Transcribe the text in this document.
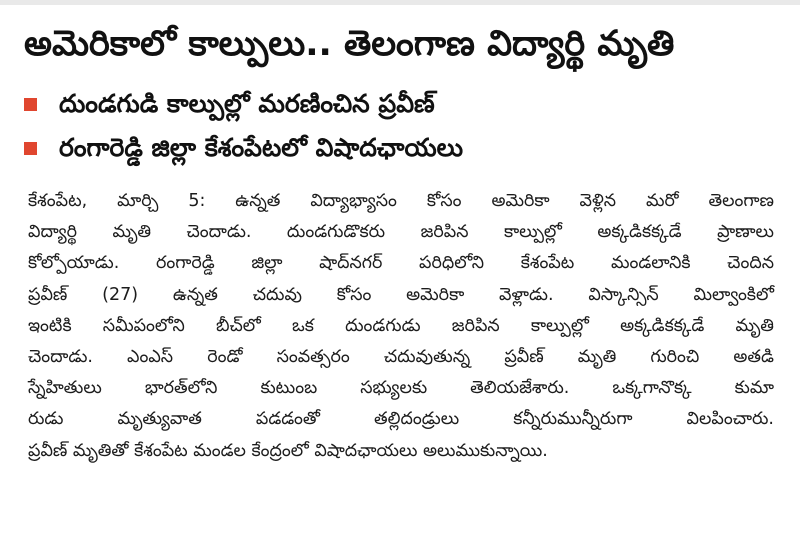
అమెరికాలో కాల్పులు.. తెలంగాణ విద్యార్థి మృతి
దుండగుడి కాల్పుల్లో మరణించిన ప్రవీణ్
రంగారెడ్డి జిల్లా కేశంపేటలో విషాదఛాయలు
కేశంపేట, మార్చి 5: ఉన్నత విద్యాభ్యాసం కోసం అమెరికా వెళ్లిన మరో తెలంగాణ
విద్యార్థి మృతి చెందాడు. దుండగుడొకరు జరిపిన కాల్పుల్లో అక్కడికక్కడే ప్రాణాలు
కోల్పోయాడు. రంగారెడ్డి జిల్లా షాద్‌నగర్ పరిధిలోని కేశంపేట మండలానికి చెందిన
ప్రవీణ్ (27) ఉన్నత చదువు కోసం అమెరికా వెళ్లాడు. విస్కాన్సిన్ మిల్వాంకిలో
ఇంటికి సమీపంలోని బీచ్‌లో ఒక దుండగుడు జరిపిన కాల్పుల్లో అక్కడికక్కడే మృతి
చెందాడు. ఎంఎస్ రెండో సంవత్సరం చదువుతున్న ప్రవీణ్ మృతి గురించి అతడి
స్నేహితులు భారత్‌లోని కుటుంబ సభ్యులకు తెలియజేశారు. ఒక్కగానొక్క కుమా
రుడు మృత్యువాత పడడంతో తల్లిదండ్రులు కన్నీరుమున్నీరుగా విలపించారు.
ప్రవీణ్ మృతితో కేశంపేట మండల కేంద్రంలో విషాదఛాయలు అలుముకున్నాయి.
